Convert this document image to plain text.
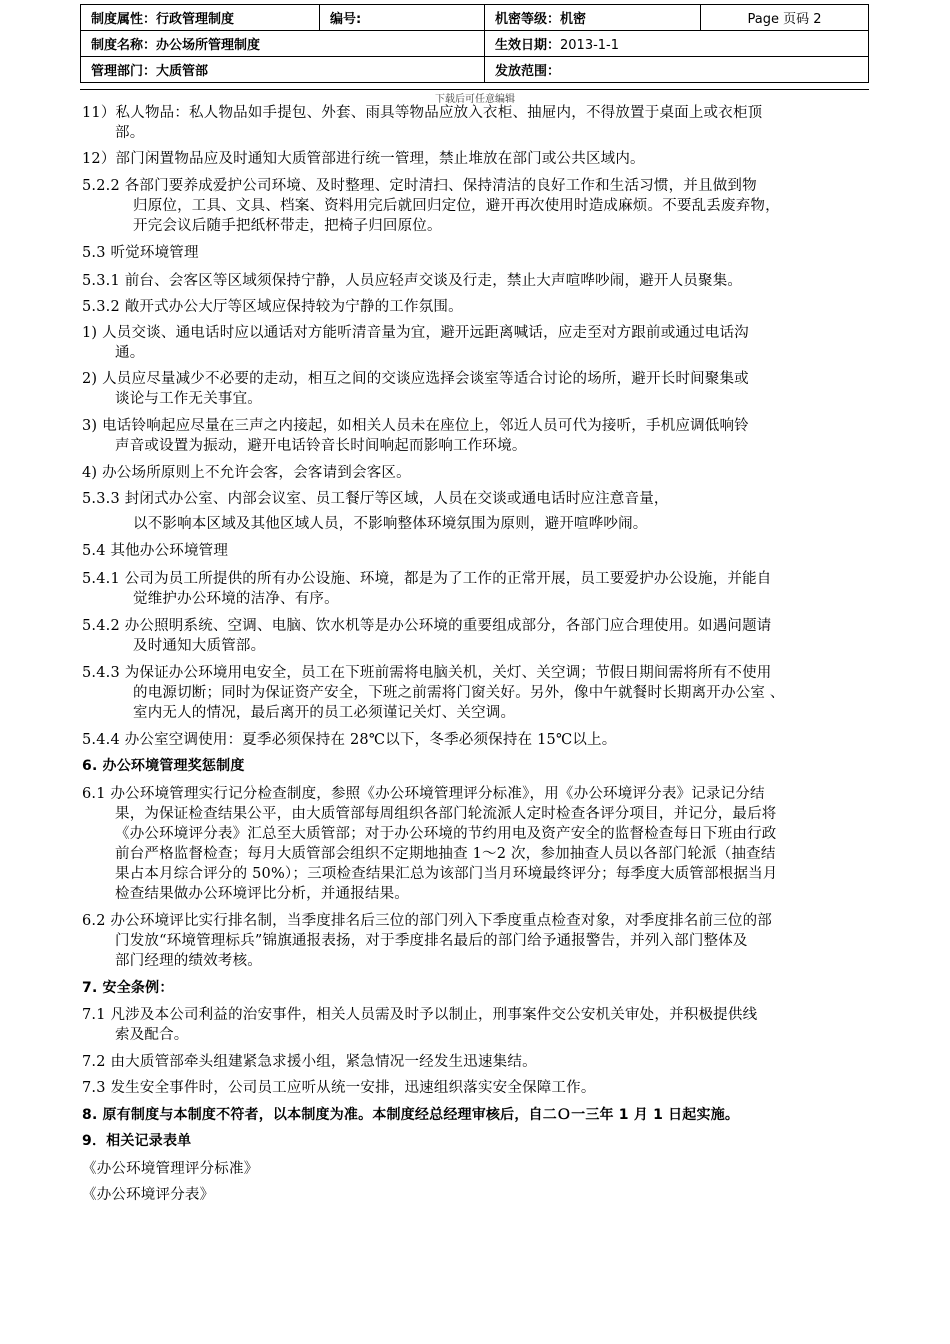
制度属性：行政管理制度	编号:	机密等级：机密	Page 页码 2
制度名称：办公场所管理制度		生效日期：2013-1-1	
管理部门：大质管部		发放范围：	
下载后可任意编辑
11）私人物品：私人物品如手提包、外套、雨具等物品应放入衣柜、抽屉内，不得放置于桌面上或衣柜顶
部。
12）部门闲置物品应及时通知大质管部进行统一管理，禁止堆放在部门或公共区域内。
5.2.2 各部门要养成爱护公司环境、及时整理、定时清扫、保持清洁的良好工作和生活习惯，并且做到物
归原位，工具、文具、档案、资料用完后就回归定位，避开再次使用时造成麻烦。不要乱丢废弃物，
开完会议后随手把纸杯带走，把椅子归回原位。
5.3 听觉环境管理
5.3.1 前台、会客区等区域须保持宁静，人员应轻声交谈及行走，禁止大声喧哗吵闹，避开人员聚集。
5.3.2 敞开式办公大厅等区域应保持较为宁静的工作氛围。
1) 人员交谈、通电话时应以通话对方能听清音量为宜，避开远距离喊话，应走至对方跟前或通过电话沟
通。
2) 人员应尽量减少不必要的走动，相互之间的交谈应选择会谈室等适合讨论的场所，避开长时间聚集或
谈论与工作无关事宜。
3) 电话铃响起应尽量在三声之内接起，如相关人员未在座位上，邻近人员可代为接听，手机应调低响铃
声音或设置为振动，避开电话铃音长时间响起而影响工作环境。
4) 办公场所原则上不允许会客，会客请到会客区。
5.3.3 封闭式办公室、内部会议室、员工餐厅等区域，人员在交谈或通电话时应注意音量，
以不影响本区域及其他区域人员，不影响整体环境氛围为原则，避开喧哗吵闹。
5.4 其他办公环境管理
5.4.1 公司为员工所提供的所有办公设施、环境，都是为了工作的正常开展，员工要爱护办公设施，并能自
觉维护办公环境的洁净、有序。
5.4.2 办公照明系统、空调、电脑、饮水机等是办公环境的重要组成部分，各部门应合理使用。如遇问题请
及时通知大质管部。
5.4.3 为保证办公环境用电安全，员工在下班前需将电脑关机，关灯、关空调；节假日期间需将所有不使用
的电源切断；同时为保证资产安全，下班之前需将门窗关好。另外，像中午就餐时长期离开办公室 、
室内无人的情况，最后离开的员工必须谨记关灯、关空调。
5.4.4 办公室空调使用：夏季必须保持在 28℃以下，冬季必须保持在 15℃以上。
6. 办公环境管理奖惩制度
6.1 办公环境管理实行记分检查制度，参照《办公环境管理评分标准》，用《办公环境评分表》记录记分结
果，为保证检查结果公平，由大质管部每周组织各部门轮流派人定时检查各评分项目，并记分，最后将
《办公环境评分表》汇总至大质管部；对于办公环境的节约用电及资产安全的监督检查每日下班由行政
前台严格监督检查；每月大质管部会组织不定期地抽查 1～2 次，参加抽查人员以各部门轮派（抽查结
果占本月综合评分的 50%）；三项检查结果汇总为该部门当月环境最终评分；每季度大质管部根据当月
检查结果做办公环境评比分析，并通报结果。
6.2 办公环境评比实行排名制，当季度排名后三位的部门列入下季度重点检查对象，对季度排名前三位的部
门发放“环境管理标兵”锦旗通报表扬，对于季度排名最后的部门给予通报警告，并列入部门整体及
部门经理的绩效考核。
7. 安全条例：
7.1 凡涉及本公司利益的治安事件，相关人员需及时予以制止，刑事案件交公安机关审处，并积极提供线
索及配合。
7.2 由大质管部牵头组建紧急求援小组，紧急情况一经发生迅速集结。
7.3 发生安全事件时，公司员工应听从统一安排，迅速组织落实安全保障工作。
8. 原有制度与本制度不符者，以本制度为准。本制度经总经理审核后，自二Ｏ一三年 1 月 1 日起实施。
9．相关记录表单
《办公环境管理评分标准》
《办公环境评分表》
